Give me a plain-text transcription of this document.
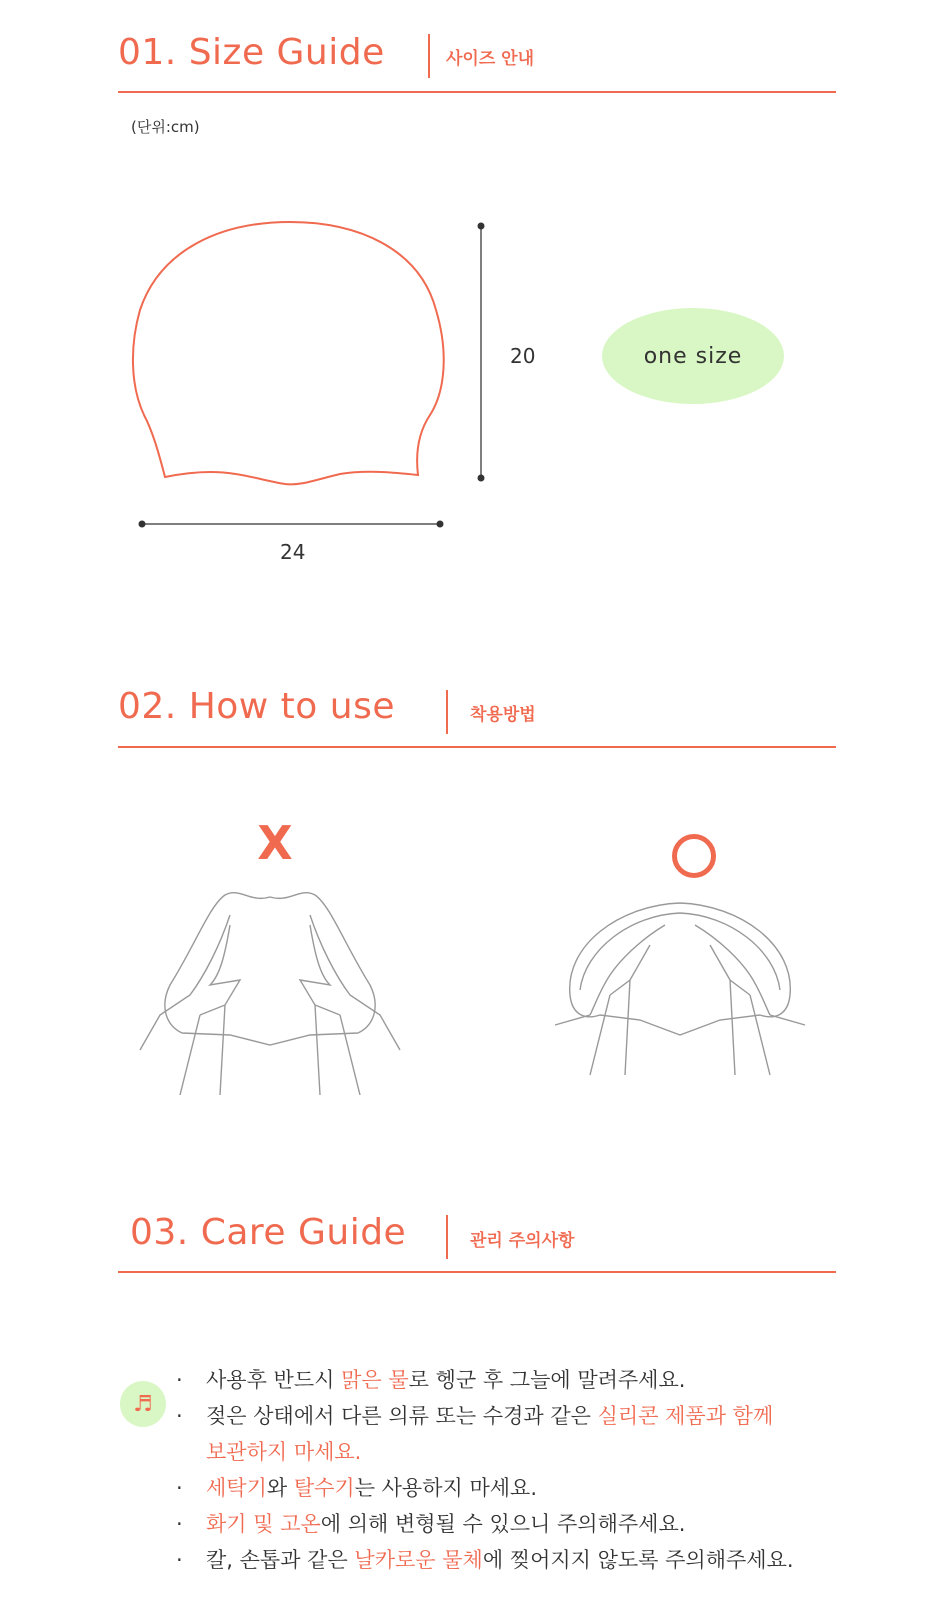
01. Size Guide	사이즈 안내
(단위:cm)
20
24
one size
02. How to use	착용방법
X
03. Care Guide	관리 주의사항
♬
· 사용후 반드시 맑은 물로 헹군 후 그늘에 말려주세요.
· 젖은 상태에서 다른 의류 또는 수경과 같은 실리콘 제품과 함께
보관하지 마세요.
· 세탁기와 탈수기는 사용하지 마세요.
· 화기 및 고온에 의해 변형될 수 있으니 주의해주세요.
· 칼, 손톱과 같은 날카로운 물체에 찢어지지 않도록 주의해주세요.
